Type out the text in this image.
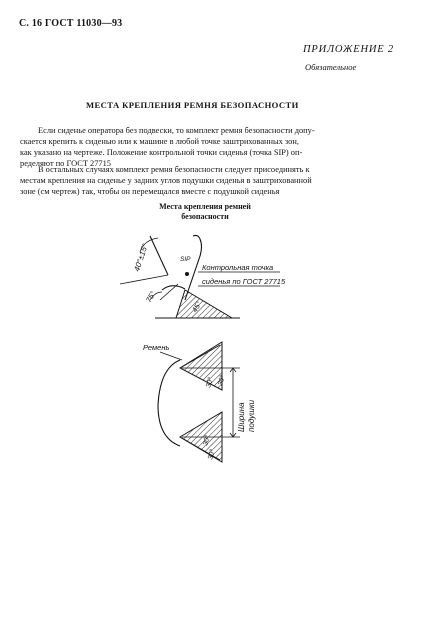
С. 16 ГОСТ 11030—93
ПРИЛОЖЕНИЕ 2
Обязательное
МЕСТА КРЕПЛЕНИЯ РЕМНЯ БЕЗОПАСНОСТИ
Если сиденье оператора без подвески, то комплект ремня безопасности допу-
скается крепить к сиденью или к машине в любой точке заштрихованных зон,
как указано на чертеже. Положение контрольной точки сиденья (точка SIP) оп-
ределяют по ГОСТ 27715
В остальных случаях комплект ремня безопасности следует присоединять к
местам крепления на сиденье у задних углов подушки сиденья в заштрихованной
зоне (см чертеж) так, чтобы он перемещался вместе с подушкой сиденья
Места крепления ремней
безопасности
40°±15°	SIP
Контрольная точка
сиденья по ГОСТ 27715
45°
75°
Ремень
30° 30°
30°
30°
Ширина подушки
